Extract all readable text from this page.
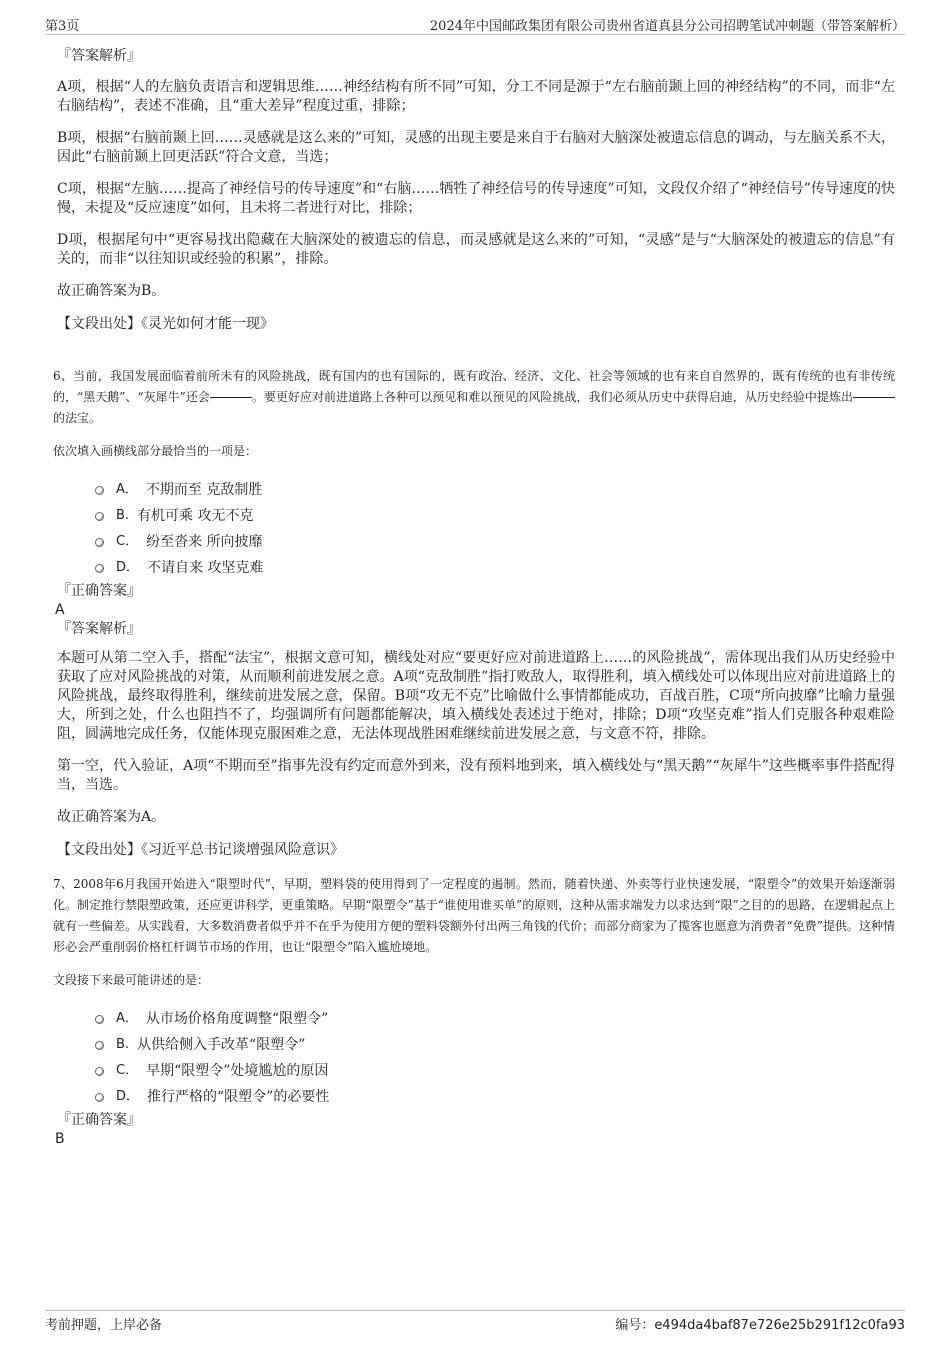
第3页	2024年中国邮政集团有限公司贵州省道真县分公司招聘笔试冲刺题（带答案解析）

『答案解析』

A项，根据“人的左脑负责语言和逻辑思维……神经结构有所不同”可知，分工不同是源于“左右脑前颞上回的神经结构”的不同，而非“左右脑结构”，表述不准确，且“重大差异”程度过重，排除；

B项，根据“右脑前颞上回……灵感就是这么来的”可知，灵感的出现主要是来自于右脑对大脑深处被遗忘信息的调动，与左脑关系不大，因此“右脑前颞上回更活跃”符合文意，当选；

C项，根据“左脑……提高了神经信号的传导速度”和“右脑……牺牲了神经信号的传导速度”可知，文段仅介绍了“神经信号”传导速度的快慢，未提及“反应速度”如何，且未将二者进行对比，排除；

D项，根据尾句中“更容易找出隐藏在大脑深处的被遗忘的信息，而灵感就是这么来的”可知，“灵感”是与“大脑深处的被遗忘的信息”有关的，而非“以往知识或经验的积累”，排除。

故正确答案为B。

【文段出处】《灵光如何才能一现》

6、当前，我国发展面临着前所未有的风险挑战，既有国内的也有国际的，既有政治、经济、文化、社会等领域的也有来自自然界的，既有传统的也有非传统的，“黑天鹅”、“灰犀牛”还会	。要更好应对前进道路上各种可以预见和难以预见的风险挑战，我们必须从历史中获得启迪，从历史经验中提炼出的法宝。

依次填入画横线部分最恰当的一项是：

A． 不期而至 克敌制胜
B. 有机可乘 攻无不克
C． 纷至沓来 所向披靡
D． 不请自来 攻坚克难

『正确答案』

A

『答案解析』

本题可从第二空入手，搭配“法宝”，根据文意可知，横线处对应“要更好应对前进道路上……的风险挑战”，需体现出我们从历史经验中获取了应对风险挑战的对策，从而顺利前进发展之意。A项“克敌制胜”指打败敌人，取得胜利，填入横线处可以体现出应对前进道路上的风险挑战，最终取得胜利，继续前进发展之意，保留。B项“攻无不克”比喻做什么事情都能成功，百战百胜，C项“所向披靡”比喻力量强大，所到之处，什么也阻挡不了，均强调所有问题都能解决，填入横线处表述过于绝对，排除；D项“攻坚克难”指人们克服各种艰难险阻，圆满地完成任务，仅能体现克服困难之意，无法体现战胜困难继续前进发展之意，与文意不符，排除。

第一空，代入验证，A项“不期而至”指事先没有约定而意外到来，没有预料地到来，填入横线处与“黑天鹅”“灰犀牛”这些概率事件搭配得当，当选。

故正确答案为A。

【文段出处】《习近平总书记谈增强风险意识》

7、2008年6月我国开始进入“限塑时代”，早期，塑料袋的使用得到了一定程度的遏制。然而，随着快递、外卖等行业快速发展，“限塑令”的效果开始逐渐弱化。制定推行禁限塑政策，还应更讲科学，更重策略。早期“限塑令”基于“谁使用谁买单”的原则，这种从需求端发力以求达到“限”之目的的思路，在逻辑起点上就有一些偏差。从实践看，大多数消费者似乎并不在乎为使用方便的塑料袋额外付出两三角钱的代价；而部分商家为了揽客也愿意为消费者“免费”提供。这种情形必会严重削弱价格杠杆调节市场的作用，也让“限塑令”陷入尴尬境地。

文段接下来最可能讲述的是：

A． 从市场价格角度调整“限塑令”
B. 从供给侧入手改革“限塑令”
C． 早期“限塑令”处境尴尬的原因
D． 推行严格的“限塑令”的必要性

『正确答案』

B

考前押题，上岸必备	编号：e494da4baf87e726e25b291f12c0fa93
